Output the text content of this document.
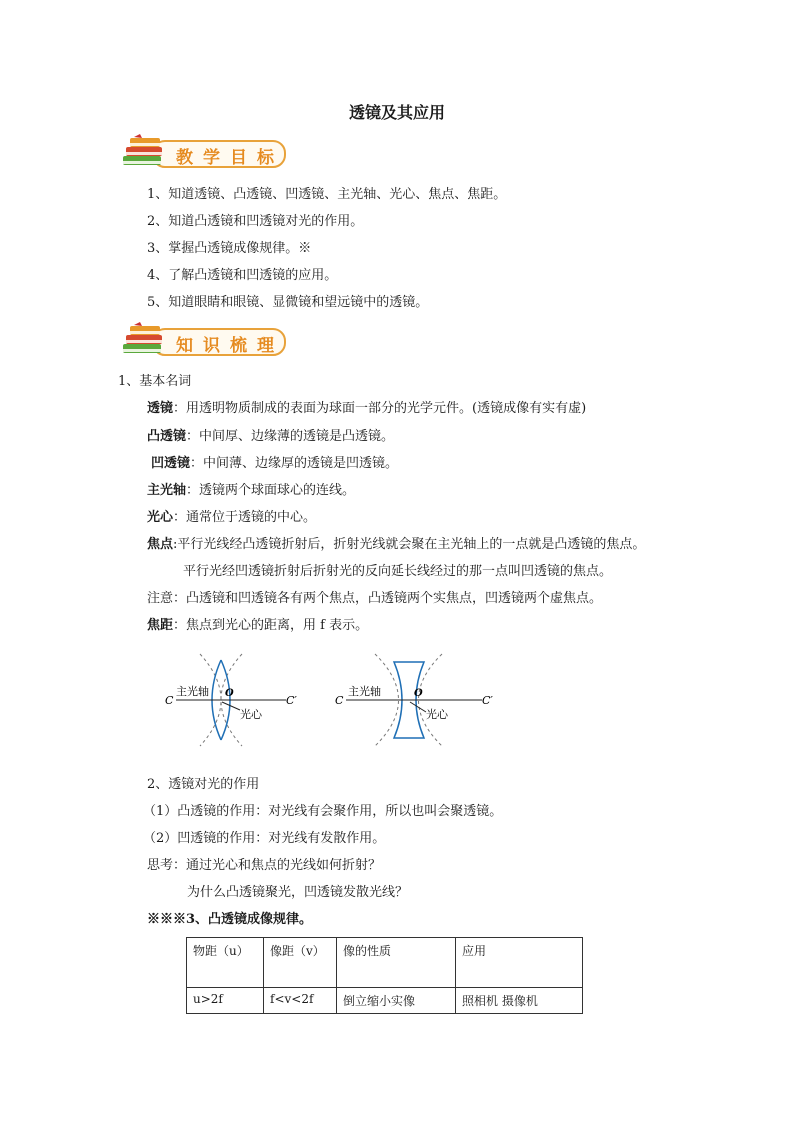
透镜及其应用
教学目标
1、知道透镜、凸透镜、凹透镜、主光轴、光心、焦点、焦距。
2、知道凸透镜和凹透镜对光的作用。
3、掌握凸透镜成像规律。※
4、了解凸透镜和凹透镜的应用。
5、知道眼睛和眼镜、显微镜和望远镜中的透镜。
知识梳理
1、基本名词
透镜：用透明物质制成的表面为球面一部分的光学元件。(透镜成像有实有虚)
凸透镜：中间厚、边缘薄的透镜是凸透镜。
凹透镜：中间薄、边缘厚的透镜是凹透镜。
主光轴：透镜两个球面球心的连线。
光心：通常位于透镜的中心。
焦点:平行光线经凸透镜折射后，折射光线就会聚在主光轴上的一点就是凸透镜的焦点。
平行光经凹透镜折射后折射光的反向延长线经过的那一点叫凹透镜的焦点。
注意：凸透镜和凹透镜各有两个焦点，凸透镜两个实焦点，凹透镜两个虚焦点。
焦距：焦点到光心的距离，用 f 表示。
C	C′
O
主光轴
光心
C	C′
O
主光轴
光心
2、透镜对光的作用
（1）凸透镜的作用：对光线有会聚作用，所以也叫会聚透镜。
（2）凹透镜的作用：对光线有发散作用。
思考：通过光心和焦点的光线如何折射？
为什么凸透镜聚光，凹透镜发散光线？
※※※3、凸透镜成像规律。
物距（u）	像距（v）	像的性质	应用
u>2f	f<v<2f	倒立缩小实像	照相机 摄像机
